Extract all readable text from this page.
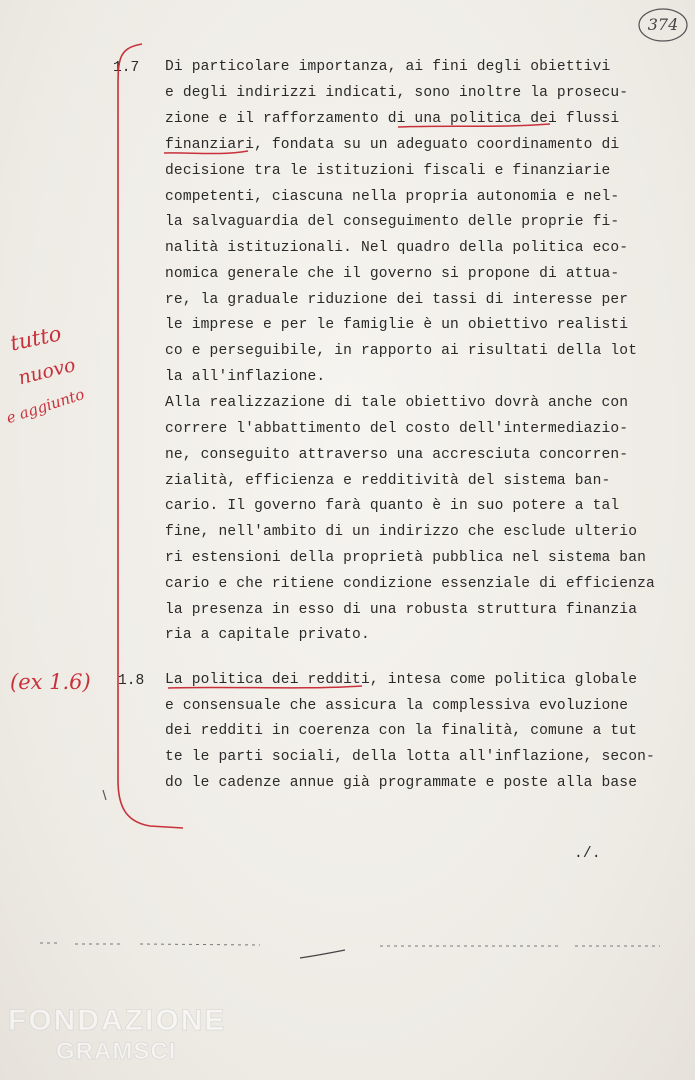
374
1.7 Di particolare importanza, ai fini degli obiettivi
e degli indirizzi indicati, sono inoltre la prosecu-
zione e il rafforzamento di una politica dei flussi
finanziari, fondata su un adeguato coordinamento di
decisione tra le istituzioni fiscali e finanziarie
competenti, ciascuna nella propria autonomia e nel-
la salvaguardia del conseguimento delle proprie fi-
nalità istituzionali. Nel quadro della politica eco-
nomica generale che il governo si propone di attua-
re, la graduale riduzione dei tassi di interesse per
le imprese e per le famiglie è un obiettivo realisti
co e perseguibile, in rapporto ai risultati della lot
la all'inflazione.
Alla realizzazione di tale obiettivo dovrà anche con
correre l'abbattimento del costo dell'intermediazio-
ne, conseguito attraverso una accresciuta concorren-
zialità, efficienza e redditività del sistema ban-
cario. Il governo farà quanto è in suo potere a tal
fine, nell'ambito di un indirizzo che esclude ulterio
ri estensioni della proprietà pubblica nel sistema ban
cario e che ritiene condizione essenziale di efficienza
la presenza in esso di una robusta struttura finanzia
ria a capitale privato.
1.8 La politica dei redditi, intesa come politica globale
e consensuale che assicura la complessiva evoluzione
dei redditi in coerenza con la finalità, comune a tut
te le parti sociali, della lotta all'inflazione, secon-
do le cadenze annue già programmate e poste alla base
./.
tutto
nuovo
e aggiunto
(ex 1.6)
FONDAZIONE
GRAMSCI
